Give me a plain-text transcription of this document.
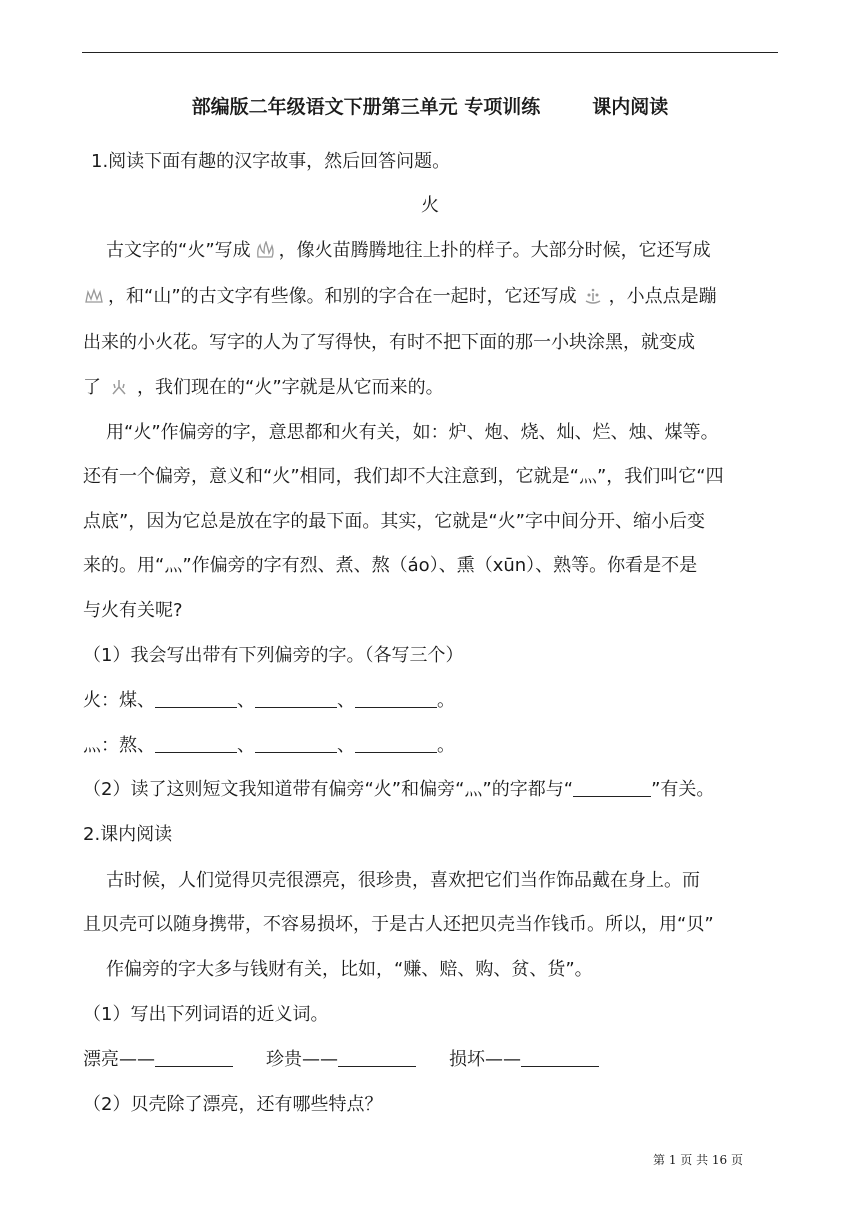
部编版二年级语文下册第三单元 专项训练	课内阅读
1.阅读下面有趣的汉字故事，然后回答问题。
火
古文字的“火”写成 ，像火苗腾腾地往上扑的样子。大部分时候，它还写成
，和“山”的古文字有些像。和别的字合在一起时，它还写成 ，小点点是蹦
出来的小火花。写字的人为了写得快，有时不把下面的那一小块涂黑，就变成
了 ，我们现在的“火”字就是从它而来的。
用“火”作偏旁的字，意思都和火有关，如：炉、炮、烧、灿、烂、烛、煤等。
还有一个偏旁，意义和“火”相同，我们却不大注意到，它就是“灬”，我们叫它“四
点底”，因为它总是放在字的最下面。其实，它就是“火”字中间分开、缩小后变
来的。用“灬”作偏旁的字有烈、煮、熬（áo）、熏（xūn）、熟等。你看是不是
与火有关呢?
（1）我会写出带有下列偏旁的字。（各写三个）
火：煤、	、	、	。
灬：熬、	、	、	。
（2）读了这则短文我知道带有偏旁“火”和偏旁“灬”的字都与“	”有关。
2.课内阅读
古时候，人们觉得贝壳很漂亮，很珍贵，喜欢把它们当作饰品戴在身上。而
且贝壳可以随身携带，不容易损坏，于是古人还把贝壳当作钱币。所以，用“贝”
作偏旁的字大多与钱财有关，比如，“赚、赔、购、贫、货”。
（1）写出下列词语的近义词。
漂亮——	珍贵——	损坏——
（2）贝壳除了漂亮，还有哪些特点？
第 1 页 共 16 页
